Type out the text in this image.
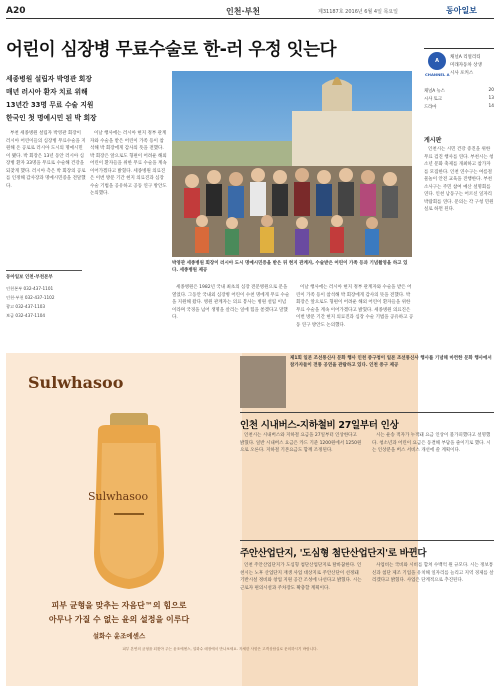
A20	인천·부천	제31187호 2016년 6월 4일 목요일	동아일보
어린이 심장병 무료수술로 한-러 우정 잇는다
세종병원 설립자 박영관 회장
매년 러시아 환자 치료 위해
13년간 33명 무료 수술 지원
한국인 첫 명예시민 된 박 회장

부천 세종병원 설립자 박영관 회장이 러시아 어린이들의 심장병 무료수술을 지원해 온 공로로 러시아 도시의 명예시민이 됐다. 박 회장은 13년 동안 러시아 심장병 환자 33명을 무료로 수술해 건강을 되찾게 했다. 러시아 측은 박 회장의 공로를 인정해 감사장과 명예시민증을 전달했다.

동아일보 인천·부천본부
인천본부 032-437-1101
인천·부천 032-437-1102
광고 032-437-1103
보급 032-437-1104

이날 행사에는 러시아 현지 정부 관계자와 수술을 받은 어린이 가족 등이 참석해 박 회장에게 감사의 뜻을 전했다. 박 회장은 앞으로도 형편이 어려운 해외 어린이 환자들을 위한 무료 수술을 계속 이어가겠다고 밝혔다. 세종병원 의료진은 이번 방문 기간 현지 의료진과 심장 수술 기법을 공유하고 공동 연구 방안도 논의했다.

박영관 세종병원 회장이 러시아 도시 명예시민증을 받은 뒤 현지 관계자, 수술받은 어린이 가족 등과 기념촬영을 하고 있다. 세종병원 제공

세종병원은 1982년 국내 최초의 심장 전문병원으로 문을 열었다. 그동안 국내외 심장병 어린이 수천 명에게 무료 수술을 지원해 왔다. 병원 관계자는 의료 봉사는 병원 설립 이념이라며 국경을 넘어 생명을 살리는 일에 힘을 쏟겠다고 말했다.

이날 행사에는 러시아 현지 정부 관계자와 수술을 받은 어린이 가족 등이 참석해 박 회장에게 감사의 뜻을 전했다. 박 회장은 앞으로도 형편이 어려운 해외 어린이 환자들을 위한 무료 수술을 계속 이어가겠다고 밝혔다. 세종병원 의료진은 이번 방문 기간 현지 의료진과 심장 수술 기법을 공유하고 공동 연구 방안도 논의했다.

A
CHANNEL A
채널A 리얼리티
미래자동차 상생
시사 포커스
채널A 뉴스	20
시사 토크	13
드라마	14
게시판

인천시는 시민 건강 증진을 위한 무료 검진 행사를 연다. 부천시는 청소년 문화 축제를 개최하고 참가자를 모집한다. 인천 연수구는 여름철 물놀이 안전 교육을 진행한다. 부천 소사구는 주민 참여 예산 설명회를 연다. 인천 남동구는 어르신 일자리 박람회를 연다. 문의는 각 구청 민원실로 하면 된다.

Sulwhasoo
Sulwhasoo
피부 균형을 맞추는 자음단™의 힘으로
아무나 가질 수 없는 윤의 설정을 이루다
설화수 윤조에센스
피부 본연의 균형을 되찾아 주는 윤조에센스, 설화수 매장에서 만나보세요. 자세한 사항은 고객상담실로 문의하시기 바랍니다.
제1회 일본 조선통신사 문화 행사 인천 중구청이 일본 조선통신사 행사를 기념해 마련한 문화 행사에서 참가자들이 전통 공연을 관람하고 있다. 인천 중구 제공
인천 시내버스-지하철비 27일부터 인상

인천시는 시내버스와 지하철 요금을 27일부터 인상한다고 밝혔다. 일반 시내버스 요금은 카드 기준 1200원에서 1250원으로 오른다. 지하철 기본요금도 함께 조정된다.

시는 운송 적자가 누적돼 요금 인상이 불가피했다고 설명했다. 청소년과 어린이 요금은 동결해 부담을 줄이기로 했다. 시는 인상분을 버스 서비스 개선에 쓸 계획이다.

주안산업단지, '도심형 첨단산업단지'로 바뀐다

인천 주안산업단지가 도심형 첨단산업단지로 탈바꿈한다. 인천시는 노후 산업단지 재생 사업 대상지로 주안산단이 선정돼 기반시설 정비와 창업 지원 공간 조성에 나선다고 밝혔다. 시는 근로자 편의시설과 주차장도 확충할 계획이다.

사업비는 국비와 시비를 합쳐 수백억 원 규모다. 시는 정보통신과 첨단 제조 기업을 유치해 일자리를 늘리고 지역 경제를 살리겠다고 밝혔다. 사업은 단계적으로 추진된다.
